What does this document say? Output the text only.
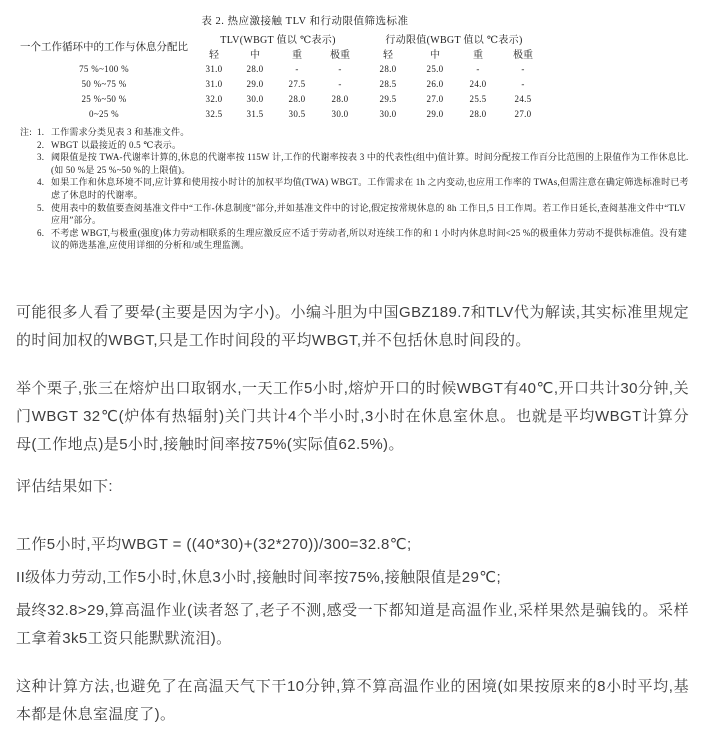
表 2. 热应激接触 TLV 和行动限值筛选标准
一个工作循环中的工作与休息分配比	TLV(WBGT 值以 ℃表示)				行动限值(WBGT 值以 ℃表示)			
	轻	中	重	极重	轻	中	重	极重
75 %~100 %	31.0	28.0	-	-	28.0	25.0	-	-
50 %~75 %	31.0	29.0	27.5	-	28.5	26.0	24.0	-
25 %~50 %	32.0	30.0	28.0	28.0	29.5	27.0	25.5	24.5
0~25 %	32.5	31.5	30.5	30.0	30.0	29.0	28.0	27.0
注: 1. 工作需求分类见表 3 和基准文件。
2. WBGT 以最接近的 0.5 ℃表示。
3. 阈限值是按 TWA-代谢率计算的,休息的代谢率按 115W 计,工作的代谢率按表 3 中的代表性(组中)值计算。时间分配按工作百分比范围的上限值作为工作休息比.(如 50 %是 25 %~50 %的上限值)。
4. 如果工作和休息环境不同,应计算和使用按小时计的加权平均值(TWA) WBGT。工作需求在 1h 之内变动,也应用工作率的 TWAs,但需注意在确定筛选标准时已考虑了休息时的代谢率。
5. 使用表中的数值要查阅基准文件中“工作-休息制度”部分,并如基准文件中的讨论,假定按常规休息的 8h 工作日,5 日工作周。若工作日延长,查阅基准文件中“TLV 应用”部分。
6. 不考虑 WBGT,与极重(强度)体力劳动相联系的生理应激反应不适于劳动者,所以对连续工作的和 1 小时内休息时间<25 %的极重体力劳动不提供标准值。没有建议的筛选基准,应使用详细的分析和/或生理监测。

可能很多人看了要晕(主要是因为字小)。小编斗胆为中国GBZ189.7和TLV代为解读,其实标准里规定的时间加权的WBGT,只是工作时间段的平均WBGT,并不包括休息时间段的。

举个栗子,张三在熔炉出口取钢水,一天工作5小时,熔炉开口的时候WBGT有40℃,开口共计30分钟,关门WBGT 32℃(炉体有热辐射)关门共计4个半小时,3小时在休息室休息。也就是平均WBGT计算分母(工作地点)是5小时,接触时间率按75%(实际值62.5%)。

评估结果如下:

工作5小时,平均WBGT = ((40*30)+(32*270))/300=32.8℃;

II级体力劳动,工作5小时,休息3小时,接触时间率按75%,接触限值是29℃;

最终32.8>29,算高温作业(读者怒了,老子不测,感受一下都知道是高温作业,采样果然是骗钱的。采样工拿着3k5工资只能默默流泪)。

这种计算方法,也避免了在高温天气下干10分钟,算不算高温作业的困境(如果按原来的8小时平均,基本都是休息室温度了)。
